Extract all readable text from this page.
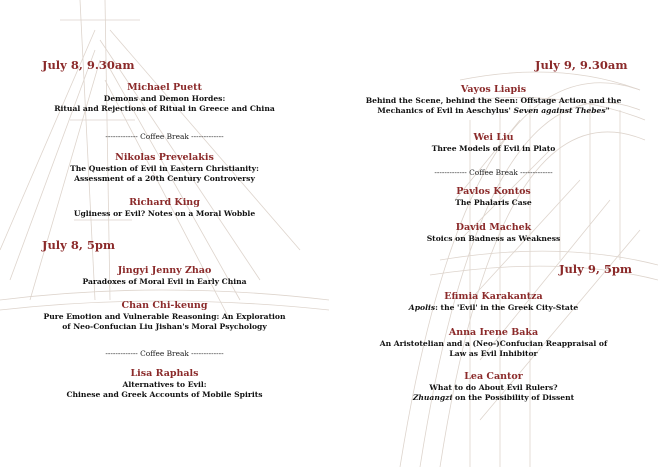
July 8, 9.30am
Michael Puett
Demons and Demon Hordes:
Ritual and Rejections of Ritual in Greece and China
------------- Coffee Break -------------
Nikolas Prevelakis
The Question of Evil in Eastern Christianity:
Assessment of a 20th Century Controversy
Richard King
Ugliness or Evil? Notes on a Moral Wobble
July 8, 5pm
Jingyi Jenny Zhao
Paradoxes of Moral Evil in Early China
Chan Chi-keung
Pure Emotion and Vulnerable Reasoning: An Exploration
of Neo-Confucian Liu Jishan's Moral Psychology
------------- Coffee Break -------------
Lisa Raphals
Alternatives to Evil:
Chinese and Greek Accounts of Mobile Spirits
July 9, 9.30am
Vayos Liapis
Behind the Scene, behind the Seen: Offstage Action and the
Mechanics of Evil in Aeschylus' Seven against Thebes"
Wei Liu
Three Models of Evil in Plato
------------- Coffee Break -------------
Pavlos Kontos
The Phalaris Case
David Machek
Stoics on Badness as Weakness
July 9, 5pm
Efimia Karakantza
Apolis: the 'Evil' in the Greek City-State
Anna Irene Baka
An Aristotelian and a (Neo-)Confucian Reappraisal of
Law as Evil Inhibitor
Lea Cantor
What to do About Evil Rulers?
Zhuangzi on the Possibility of Dissent
